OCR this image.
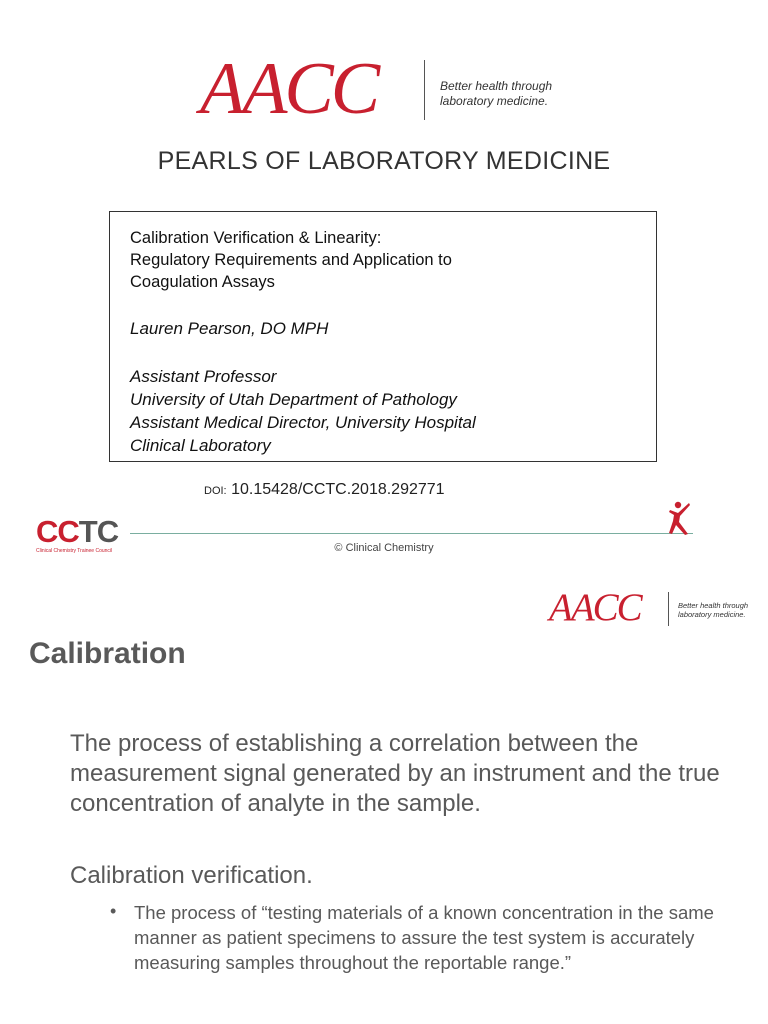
AACC	Better health through
laboratory medicine.
PEARLS OF LABORATORY MEDICINE
Calibration Verification & Linearity:
Regulatory Requirements and Application to
Coagulation Assays
Lauren Pearson, DO MPH
Assistant Professor
University of Utah Department of Pathology
Assistant Medical Director, University Hospital
Clinical Laboratory
DOI: 10.15428/CCTC.2018.292771
CCTC
Clinical Chemistry Trainee Council	© Clinical Chemistry
AACC	Better health through
laboratory medicine.
Calibration
The process of establishing a correlation between the measurement signal generated by an instrument and the true concentration of analyte in the sample.
Calibration verification.
• The process of “testing materials of a known concentration in the same manner as patient specimens to assure the test system is accurately measuring samples throughout the reportable range.”
